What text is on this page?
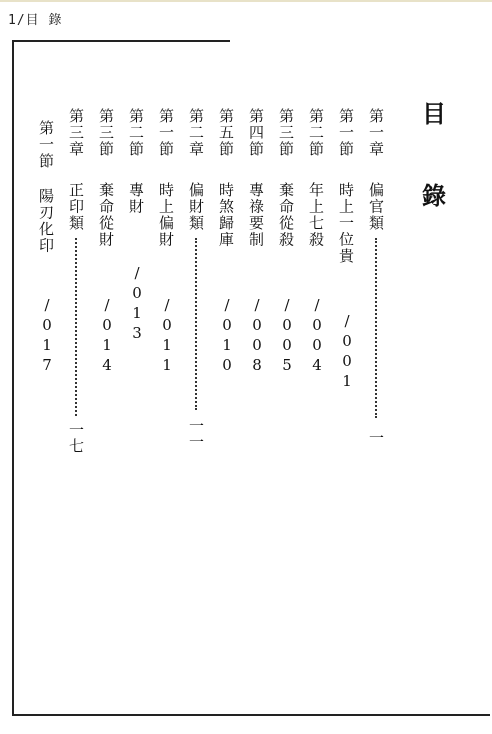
1/目 錄
目
錄
第一章
偏官類
一
第一節
時上一位貴
/001
第二節
年上七殺
/004
第三節
棄命從殺
/005
第四節
專祿要制
/008
第五節
時煞歸庫
/010
第二章
偏財類
一一
第一節
時上偏財
/011
第二節
專財
/013
第三節
棄命從財
/014
第三章
正印類
一七
第一節
陽刃化印
/017
